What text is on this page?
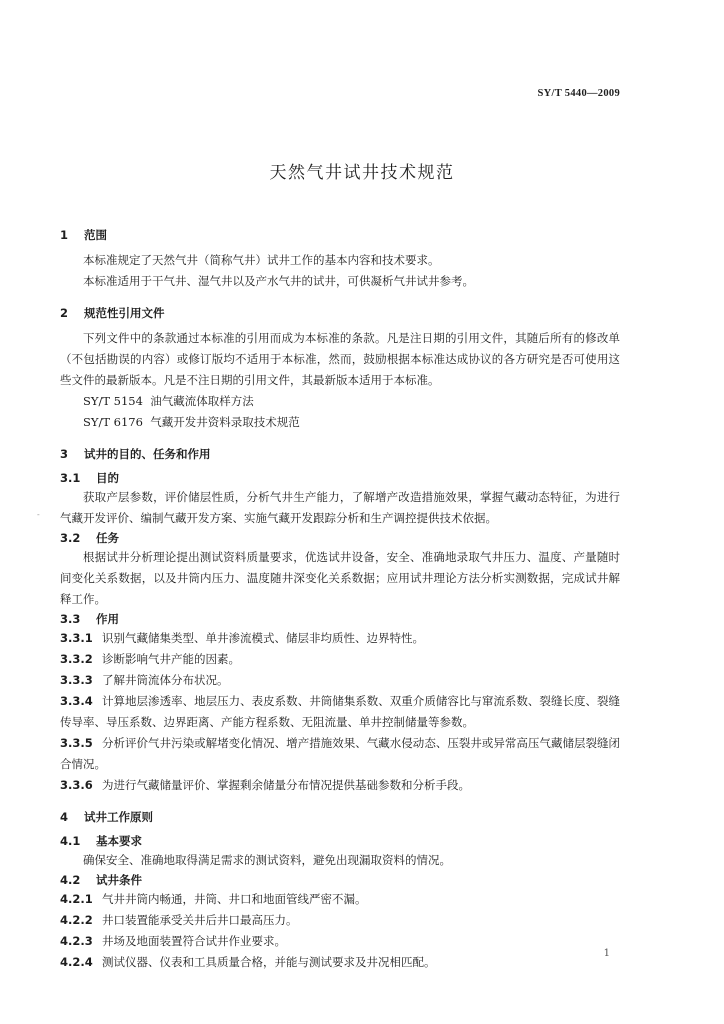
SY/T 5440—2009
天然气井试井技术规范
-
1 范围

本标准规定了天然气井（简称气井）试井工作的基本内容和技术要求。

本标准适用于干气井、湿气井以及产水气井的试井，可供凝析气井试井参考。

2 规范性引用文件

下列文件中的条款通过本标准的引用而成为本标准的条款。凡是注日期的引用文件，其随后所有的修改单（不包括勘误的内容）或修订版均不适用于本标准，然而，鼓励根据本标准达成协议的各方研究是否可使用这些文件的最新版本。凡是不注日期的引用文件，其最新版本适用于本标准。

SY/T 5154 油气藏流体取样方法

SY/T 6176 气藏开发井资料录取技术规范

3 试井的目的、任务和作用
3.1 目的

获取产层参数，评价储层性质，分析气井生产能力，了解增产改造措施效果，掌握气藏动态特征，为进行气藏开发评价、编制气藏开发方案、实施气藏开发跟踪分析和生产调控提供技术依据。

3.2 任务

根据试井分析理论提出测试资料质量要求，优选试井设备，安全、准确地录取气井压力、温度、产量随时间变化关系数据，以及井筒内压力、温度随井深变化关系数据；应用试井理论方法分析实测数据，完成试井解释工作。

3.3 作用

3.3.1 识别气藏储集类型、单井渗流模式、储层非均质性、边界特性。

3.3.2 诊断影响气井产能的因素。

3.3.3 了解井筒流体分布状况。

3.3.4 计算地层渗透率、地层压力、表皮系数、井筒储集系数、双重介质储容比与窜流系数、裂缝长度、裂缝传导率、导压系数、边界距离、产能方程系数、无阻流量、单井控制储量等参数。

3.3.5 分析评价气井污染或解堵变化情况、增产措施效果、气藏水侵动态、压裂井或异常高压气藏储层裂缝闭合情况。

3.3.6 为进行气藏储量评价、掌握剩余储量分布情况提供基础参数和分析手段。

4 试井工作原则
4.1 基本要求

确保安全、准确地取得满足需求的测试资料，避免出现漏取资料的情况。

4.2 试井条件

4.2.1 气井井筒内畅通，井筒、井口和地面管线严密不漏。

4.2.2 井口装置能承受关井后井口最高压力。

4.2.3 井场及地面装置符合试井作业要求。

4.2.4 测试仪器、仪表和工具质量合格，并能与测试要求及井况相匹配。

1
